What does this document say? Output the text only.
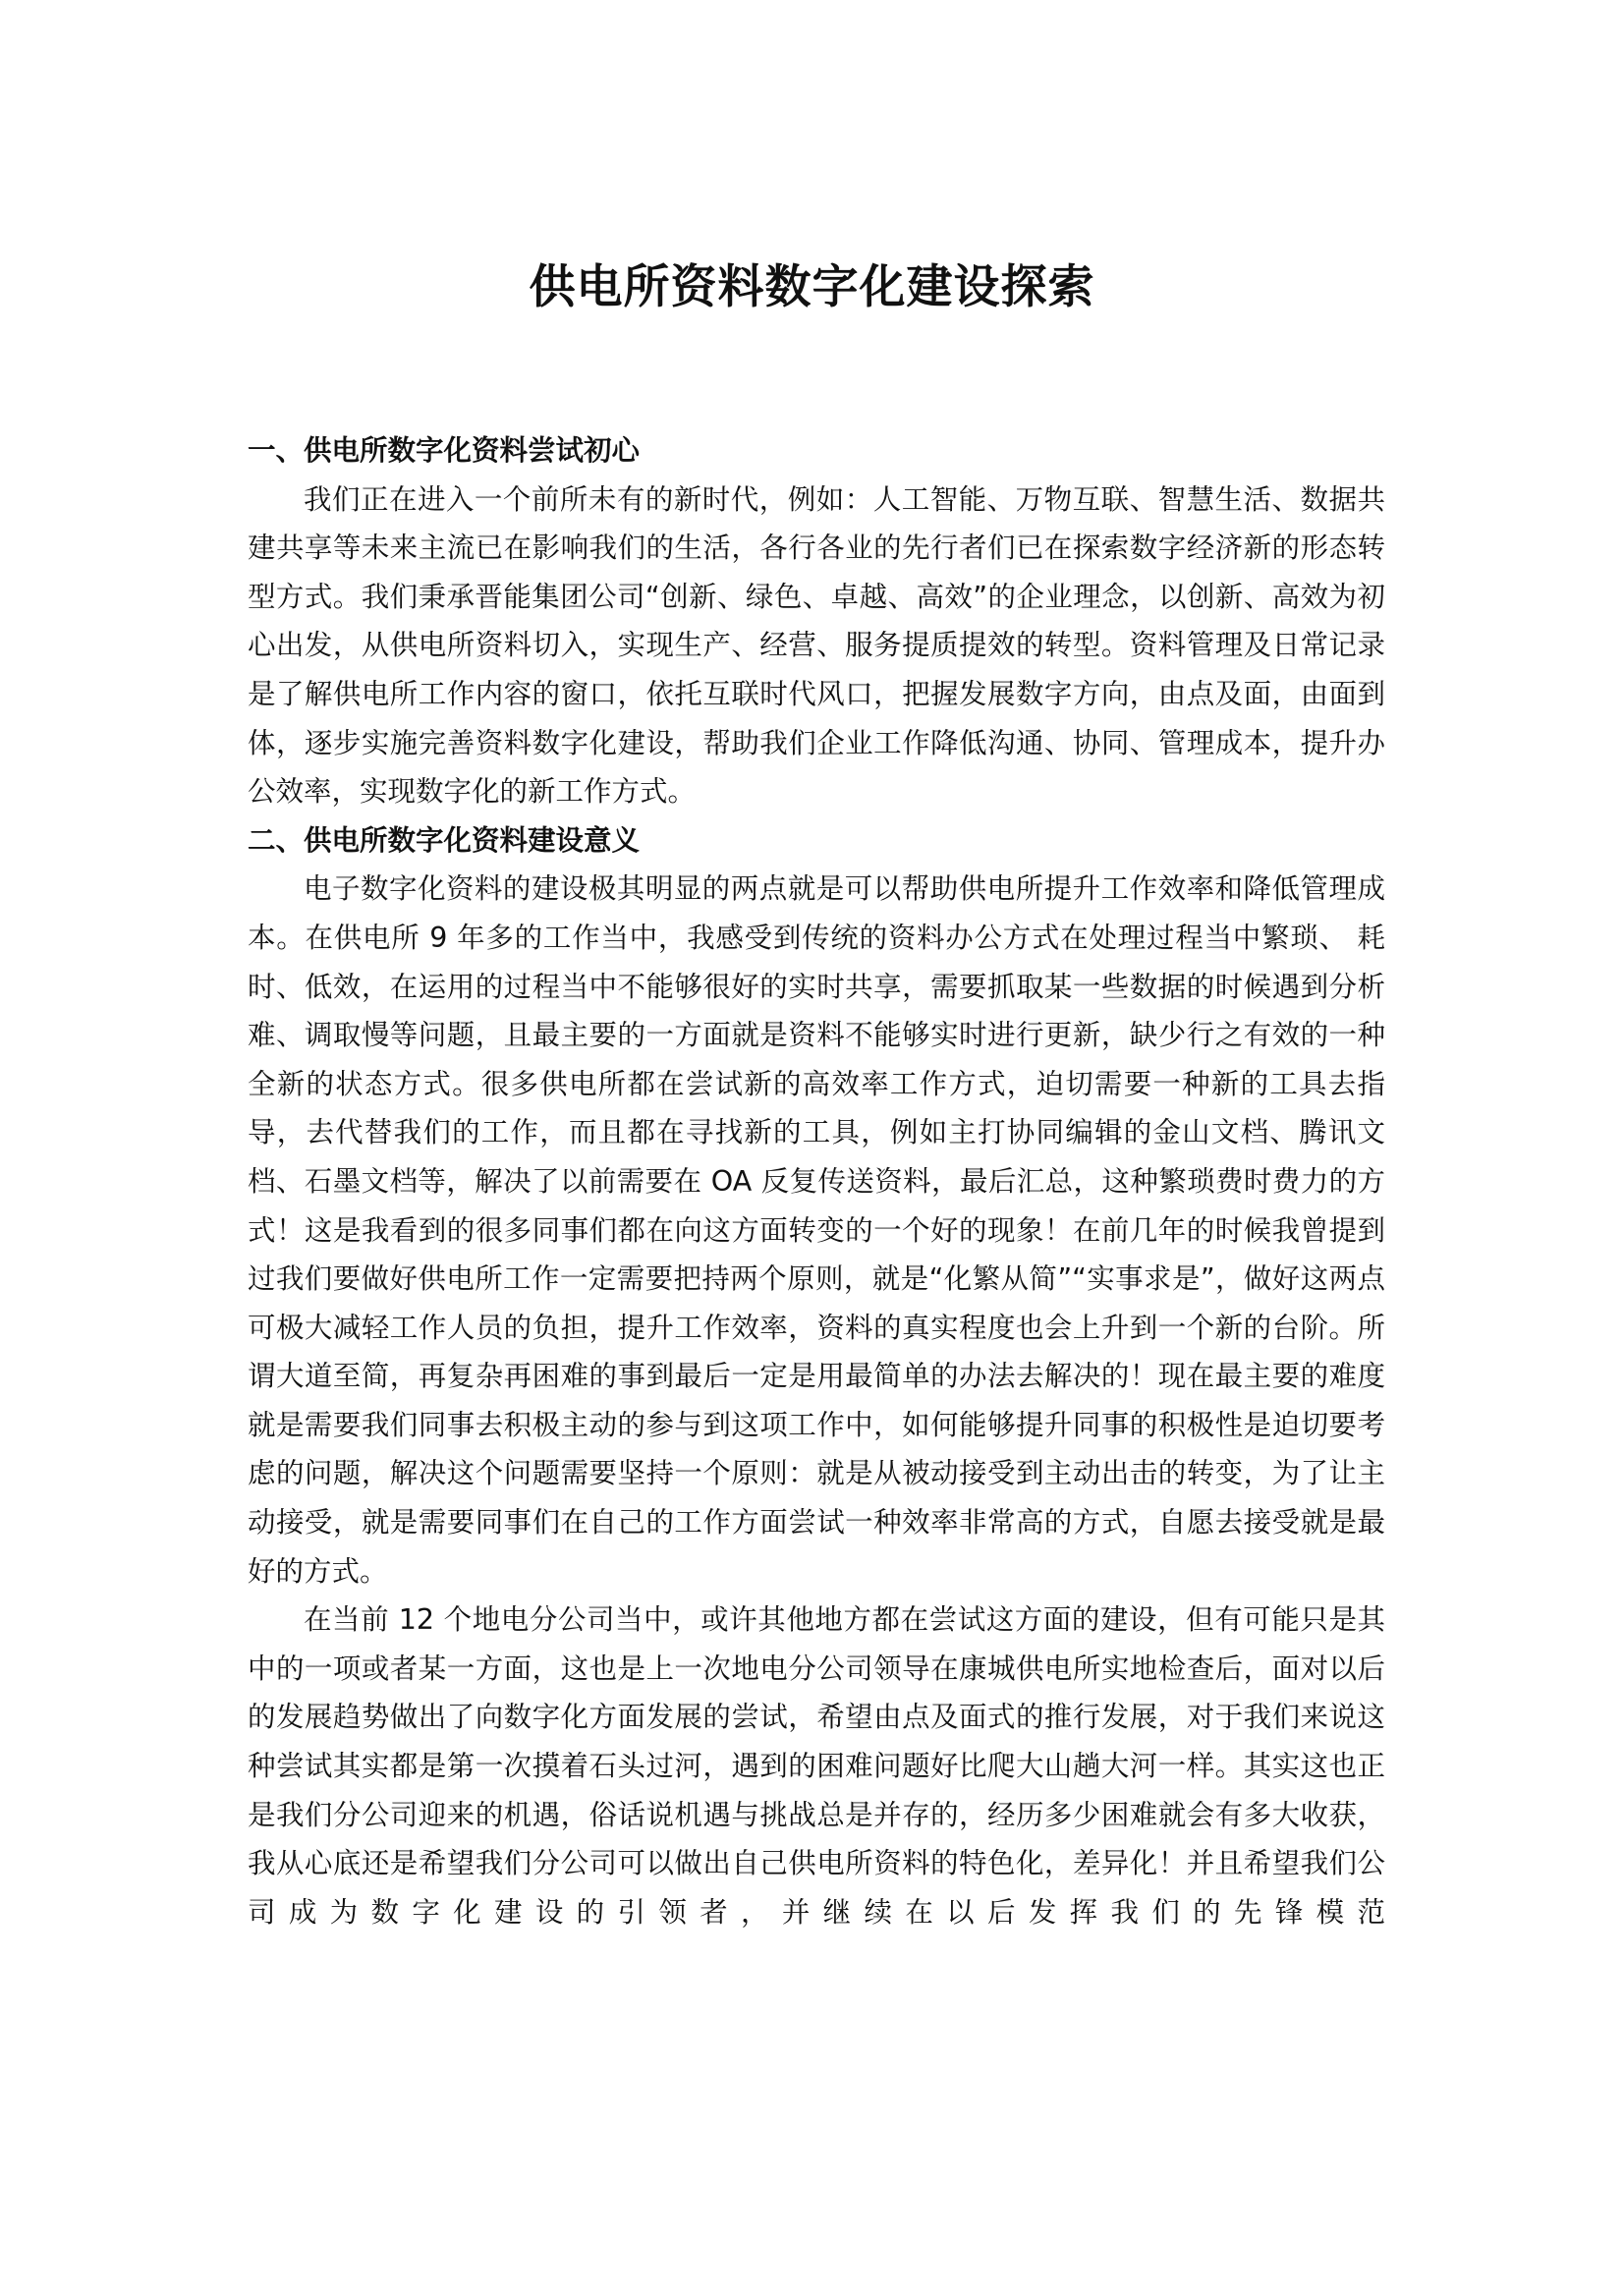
供电所资料数字化建设探索

一、供电所数字化资料尝试初心

我们正在进入一个前所未有的新时代，例如：人工智能、万物互联、智慧生活、数据共建共享等未来主流已在影响我们的生活，各行各业的先行者们已在探索数字经济新的形态转型方式。我们秉承晋能集团公司“创新、绿色、卓越、高效”的企业理念，以创新、高效为初心出发，从供电所资料切入，实现生产、经营、服务提质提效的转型。资料管理及日常记录是了解供电所工作内容的窗口，依托互联时代风口，把握发展数字方向，由点及面，由面到体，逐步实施完善资料数字化建设，帮助我们企业工作降低沟通、协同、管理成本，提升办公效率，实现数字化的新工作方式。

二、供电所数字化资料建设意义

电子数字化资料的建设极其明显的两点就是可以帮助供电所提升工作效率和降低管理成本。在供电所 9 年多的工作当中，我感受到传统的资料办公方式在处理过程当中繁琐、 耗时、低效，在运用的过程当中不能够很好的实时共享，需要抓取某一些数据的时候遇到分析难、调取慢等问题，且最主要的一方面就是资料不能够实时进行更新，缺少行之有效的一种全新的状态方式。很多供电所都在尝试新的高效率工作方式，迫切需要一种新的工具去指导，去代替我们的工作，而且都在寻找新的工具，例如主打协同编辑的金山文档、腾讯文档、石墨文档等，解决了以前需要在 OA 反复传送资料，最后汇总，这种繁琐费时费力的方式！这是我看到的很多同事们都在向这方面转变的一个好的现象！在前几年的时候我曾提到过我们要做好供电所工作一定需要把持两个原则，就是“化繁从简”“实事求是”，做好这两点可极大减轻工作人员的负担，提升工作效率，资料的真实程度也会上升到一个新的台阶。所谓大道至简，再复杂再困难的事到最后一定是用最简单的办法去解决的！现在最主要的难度就是需要我们同事去积极主动的参与到这项工作中，如何能够提升同事的积极性是迫切要考虑的问题，解决这个问题需要坚持一个原则：就是从被动接受到主动出击的转变，为了让主动接受，就是需要同事们在自己的工作方面尝试一种效率非常高的方式，自愿去接受就是最好的方式。

在当前 12 个地电分公司当中，或许其他地方都在尝试这方面的建设，但有可能只是其中的一项或者某一方面，这也是上一次地电分公司领导在康城供电所实地检查后，面对以后的发展趋势做出了向数字化方面发展的尝试，希望由点及面式的推行发展，对于我们来说这种尝试其实都是第一次摸着石头过河，遇到的困难问题好比爬大山趟大河一样。其实这也正是我们分公司迎来的机遇，俗话说机遇与挑战总是并存的，经历多少困难就会有多大收获，我从心底还是希望我们分公司可以做出自己供电所资料的特色化，差异化！并且希望我们公司成为数字化建设的引领者，并继续在以后发挥我们的先锋模范
